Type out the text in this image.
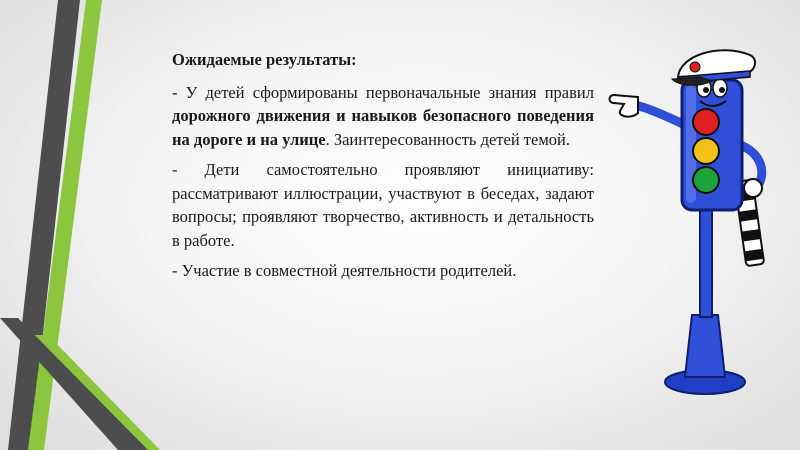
Ожидаемые результаты:

- У детей сформированы первоначальные знания правил дорожного движения и навыков безопасного поведения на дороге и на улице. Заинтересованность детей темой.

- Дети самостоятельно проявляют инициативу: рассматривают иллюстрации, участвуют в беседах, задают вопросы; проявляют творчество, активность и детальность в работе.

- Участие в совместной деятельности родителей.
